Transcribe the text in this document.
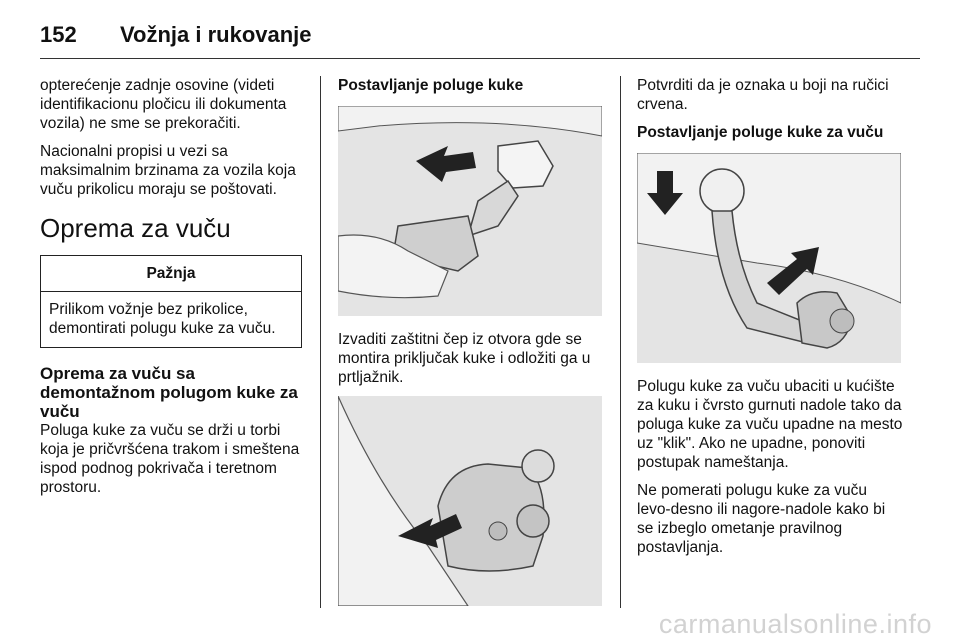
152 Vožnja i rukovanje

opterećenje zadnje osovine (videti identifikacionu pločicu ili dokumenta vozila) ne sme se prekoračiti.

Nacionalni propisi u vezi sa maksimalnim brzinama za vozila koja vuču prikolicu moraju se poštovati.

Oprema za vuču
Pažnja
Prilikom vožnje bez prikolice, demontirati polugu kuke za vuču.
Oprema za vuču sa demontažnom polugom kuke za vuču

Poluga kuke za vuču se drži u torbi koja je pričvršćena trakom i smeštena ispod podnog pokrivača i teretnom prostoru.

Postavljanje poluge kuke

Izvaditi zaštitni čep iz otvora gde se montira priključak kuke i odložiti ga u prtljažnik.

Potvrditi da je oznaka u boji na ručici crvena.

Postavljanje poluge kuke za vuču

Polugu kuke za vuču ubaciti u kućište za kuku i čvrsto gurnuti nadole tako da poluga kuke za vuču upadne na mesto uz "klik". Ako ne upadne, ponoviti postupak nameštanja.

Ne pomerati polugu kuke za vuču levo-desno ili nagore-nadole kako bi se izbeglo ometanje pravilnog postavljanja.

carmanualsonline.info
